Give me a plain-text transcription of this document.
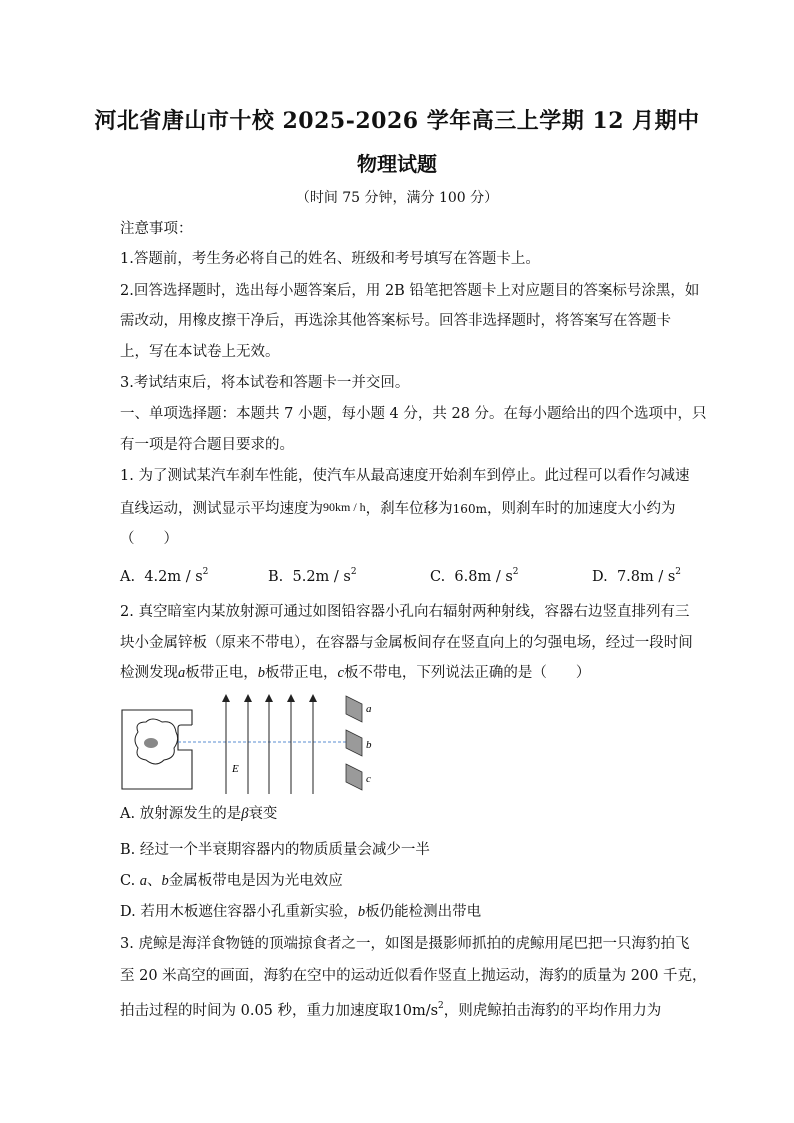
河北省唐山市十校 2025-2026 学年高三上学期 12 月期中
物理试题
（时间 75 分钟，满分 100 分）
注意事项：
1.答题前，考生务必将自己的姓名、班级和考号填写在答题卡上。
2.回答选择题时，选出每小题答案后，用 2B 铅笔把答题卡上对应题目的答案标号涂黑，如
需改动，用橡皮擦干净后，再选涂其他答案标号。回答非选择题时，将答案写在答题卡
上，写在本试卷上无效。
3.考试结束后，将本试卷和答题卡一并交回。
一、单项选择题：本题共 7 小题，每小题 4 分，共 28 分。在每小题给出的四个选项中，只
有一项是符合题目要求的。
1. 为了测试某汽车刹车性能，使汽车从最高速度开始刹车到停止。此过程可以看作匀减速
直线运动，测试显示平均速度为90km / h，刹车位移为160m，则刹车时的加速度大小约为
（　　）
A. $4.2m / s^2$	B. $5.2m / s^2$	C. $6.8m / s^2$	D. $7.8m / s^2$
2. 真空暗室内某放射源可通过如图铅容器小孔向右辐射两种射线，容器右边竖直排列有三
块小金属锌板（原来不带电），在容器与金属板间存在竖直向上的匀强电场，经过一段时间
检测发现a板带正电，b板带正电，c板不带电，下列说法正确的是（　　）
E
a
b
c
A. 放射源发生的是β衰变
B. 经过一个半衰期容器内的物质质量会减少一半
C. a、b金属板带电是因为光电效应
D. 若用木板遮住容器小孔重新实验，b板仍能检测出带电
3. 虎鲸是海洋食物链的顶端掠食者之一，如图是摄影师抓拍的虎鲸用尾巴把一只海豹拍飞
至 20 米高空的画面，海豹在空中的运动近似看作竖直上抛运动，海豹的质量为 200 千克，
拍击过程的时间为 0.05 秒，重力加速度取$10m/s^2$，则虎鲸拍击海豹的平均作用力为
